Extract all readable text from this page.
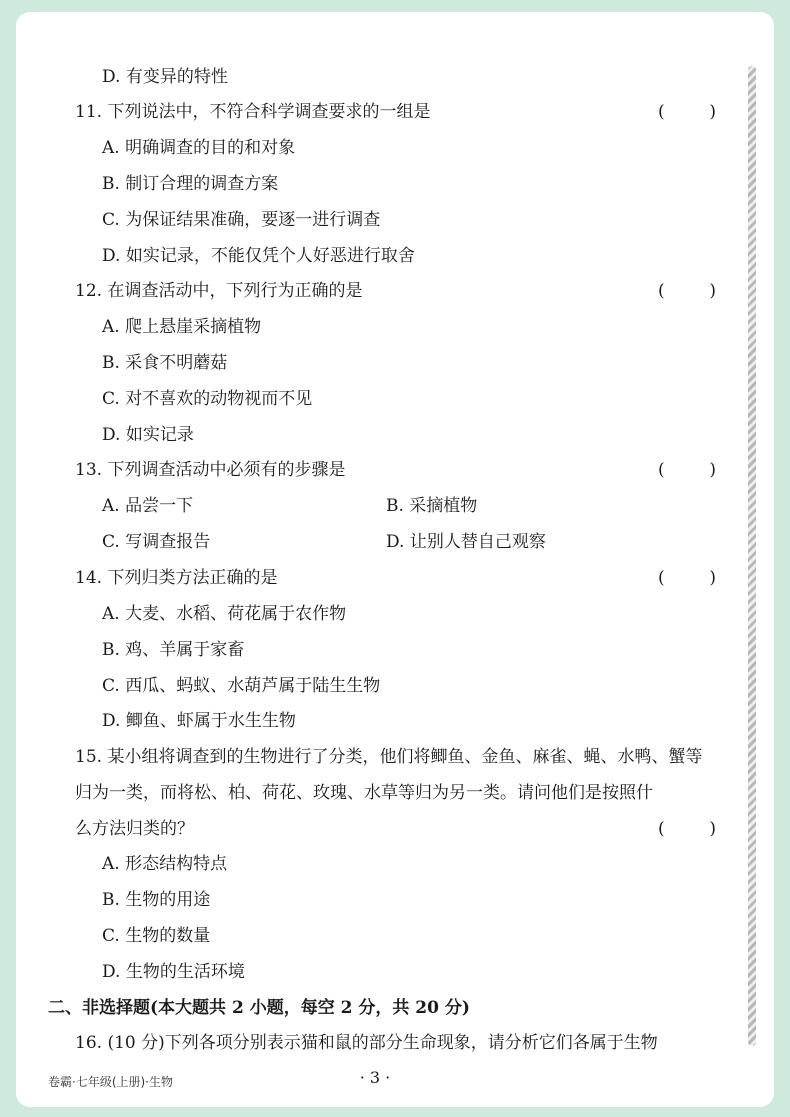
D. 有变异的特性
11. 下列说法中，不符合科学调查要求的一组是	(	)
A. 明确调查的目的和对象
B. 制订合理的调查方案
C. 为保证结果准确，要逐一进行调查
D. 如实记录，不能仅凭个人好恶进行取舍
12. 在调查活动中，下列行为正确的是	(	)
A. 爬上悬崖采摘植物
B. 采食不明蘑菇
C. 对不喜欢的动物视而不见
D. 如实记录
13. 下列调查活动中必须有的步骤是	(	)
A. 品尝一下	B. 采摘植物
C. 写调查报告	D. 让别人替自己观察
14. 下列归类方法正确的是	(	)
A. 大麦、水稻、荷花属于农作物
B. 鸡、羊属于家畜
C. 西瓜、蚂蚁、水葫芦属于陆生生物
D. 鲫鱼、虾属于水生生物
15. 某小组将调查到的生物进行了分类，他们将鲫鱼、金鱼、麻雀、蝇、水鸭、蟹等
归为一类，而将松、柏、荷花、玫瑰、水草等归为另一类。请问他们是按照什
么方法归类的？	(	)
A. 形态结构特点
B. 生物的用途
C. 生物的数量
D. 生物的生活环境
二、非选择题(本大题共 2 小题，每空 2 分，共 20 分)
16. (10 分)下列各项分别表示猫和鼠的部分生命现象，请分析它们各属于生物
卷霸·七年级(上册)·生物	· 3 ·
